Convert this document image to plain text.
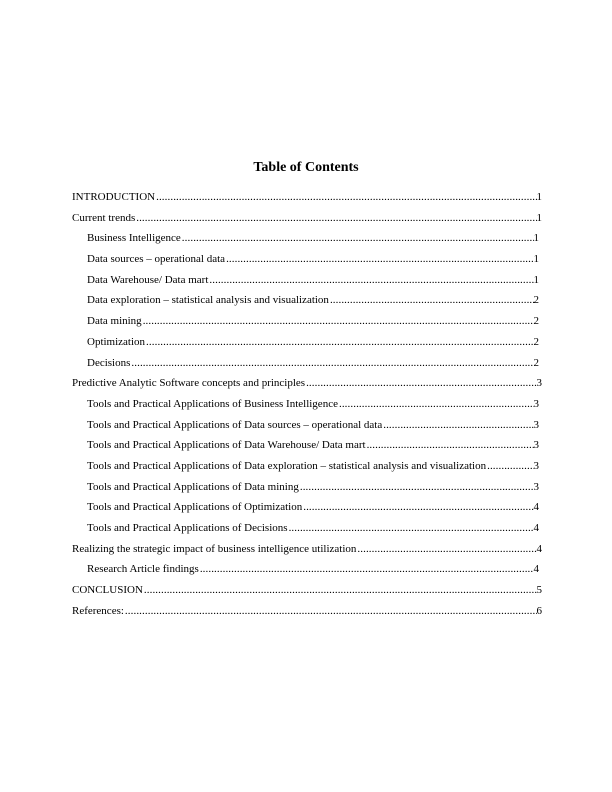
Table of Contents
INTRODUCTION .....	1
Current trends .....	1
Business Intelligence .....	1
Data sources – operational data .....	1
Data Warehouse/ Data mart .....	1
Data exploration – statistical analysis and visualization .....	2
Data mining .....	2
Optimization .....	2
Decisions .....	2
Predictive Analytic Software concepts and principles .....	3
Tools and Practical Applications of Business Intelligence .....	3
Tools and Practical Applications of Data sources – operational data .....	3
Tools and Practical Applications of Data Warehouse/ Data mart .....	3
Tools and Practical Applications of Data exploration – statistical analysis and visualization .....	3
Tools and Practical Applications of Data mining .....	3
Tools and Practical Applications of Optimization .....	4
Tools and Practical Applications of Decisions .....	4
Realizing the strategic impact of business intelligence utilization .....	4
Research Article findings .....	4
CONCLUSION .....	5
References: .....	6
